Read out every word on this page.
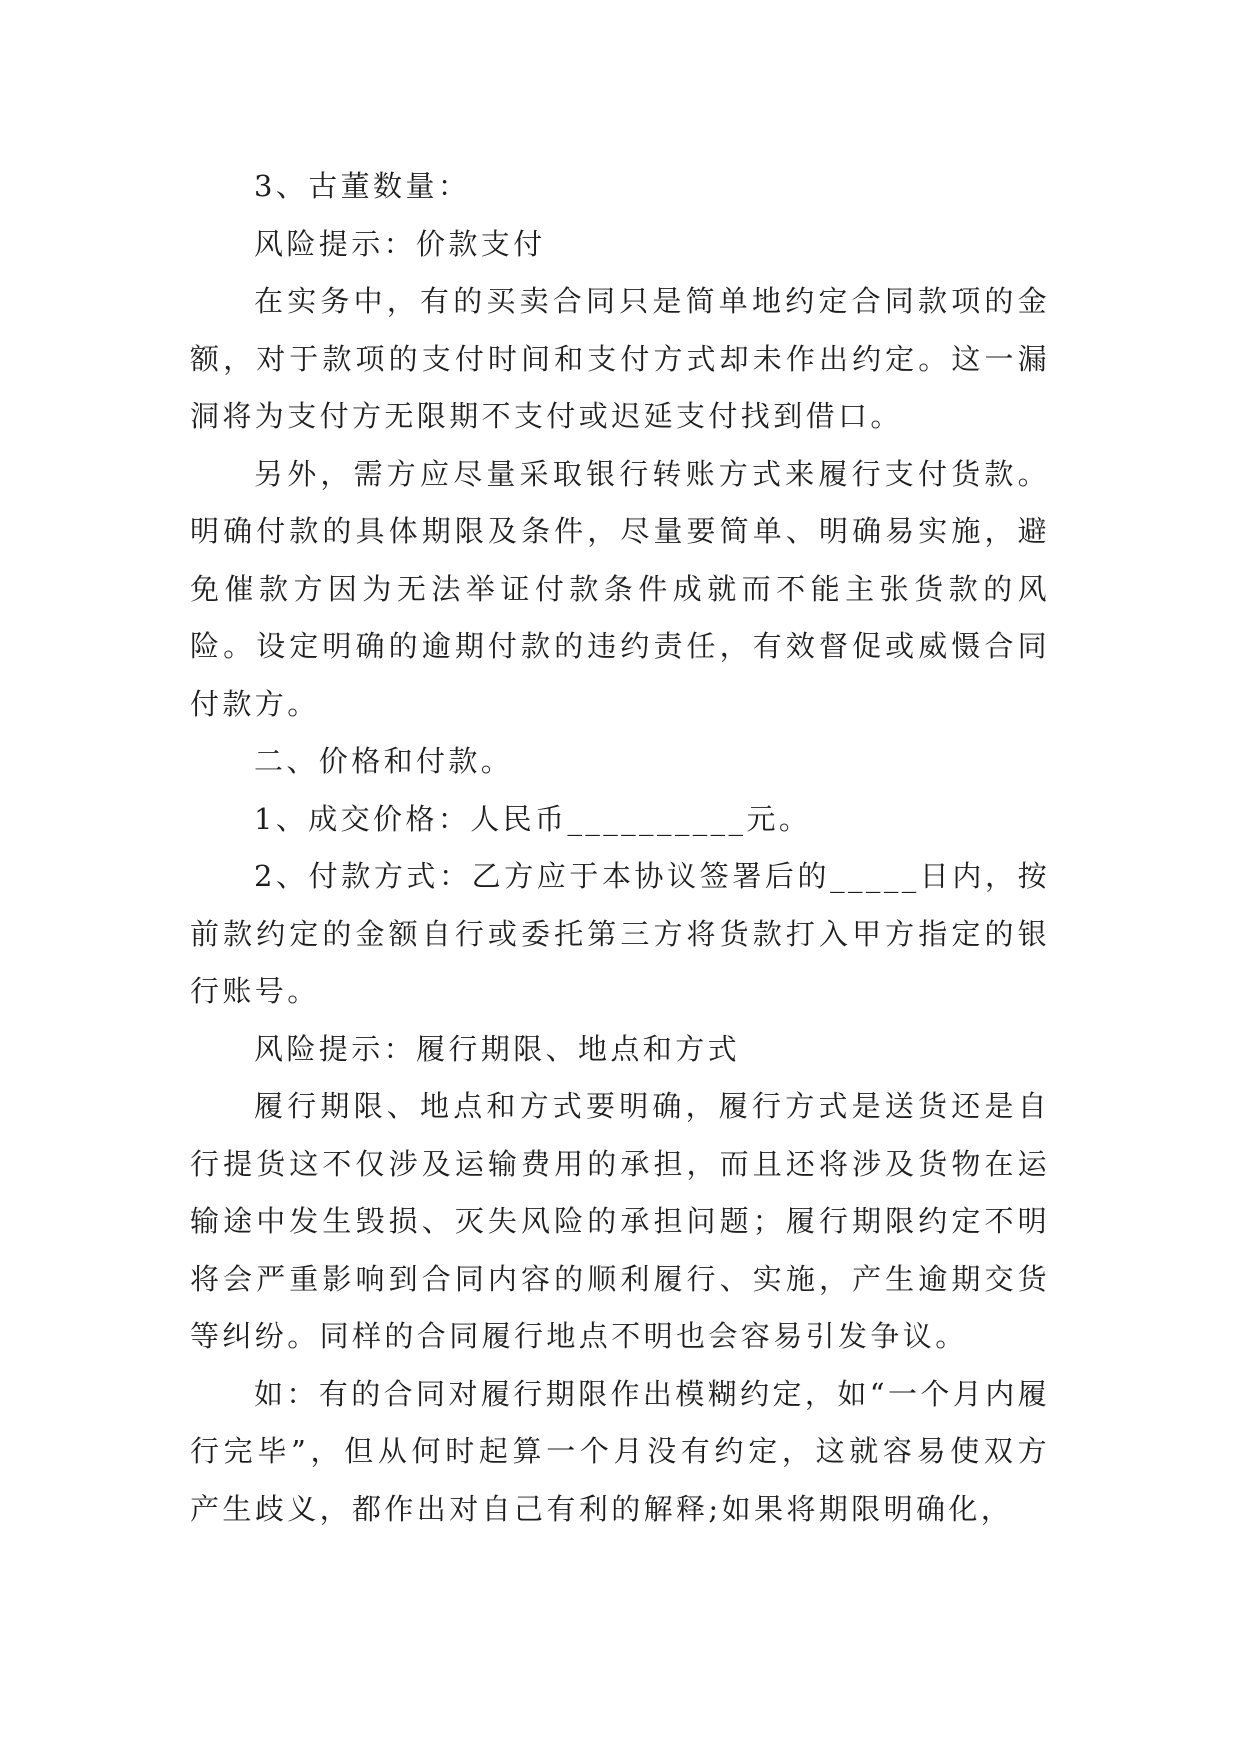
3、古董数量：

风险提示：价款支付

在实务中，有的买卖合同只是简单地约定合同款项的金额，对于款项的支付时间和支付方式却未作出约定。这一漏洞将为支付方无限期不支付或迟延支付找到借口。

另外，需方应尽量采取银行转账方式来履行支付货款。明确付款的具体期限及条件，尽量要简单、明确易实施，避免催款方因为无法举证付款条件成就而不能主张货款的风险。设定明确的逾期付款的违约责任，有效督促或威慑合同付款方。

二、价格和付款。

1、成交价格：人民币__________元。

2、付款方式：乙方应于本协议签署后的_____日内，按前款约定的金额自行或委托第三方将货款打入甲方指定的银行账号。

风险提示：履行期限、地点和方式

履行期限、地点和方式要明确，履行方式是送货还是自行提货这不仅涉及运输费用的承担，而且还将涉及货物在运输途中发生毁损、灭失风险的承担问题；履行期限约定不明将会严重影响到合同内容的顺利履行、实施，产生逾期交货等纠纷。同样的合同履行地点不明也会容易引发争议。

如：有的合同对履行期限作出模糊约定，如“一个月内履行完毕”，但从何时起算一个月没有约定，这就容易使双方产生歧义，都作出对自己有利的解释;如果将期限明确化，
